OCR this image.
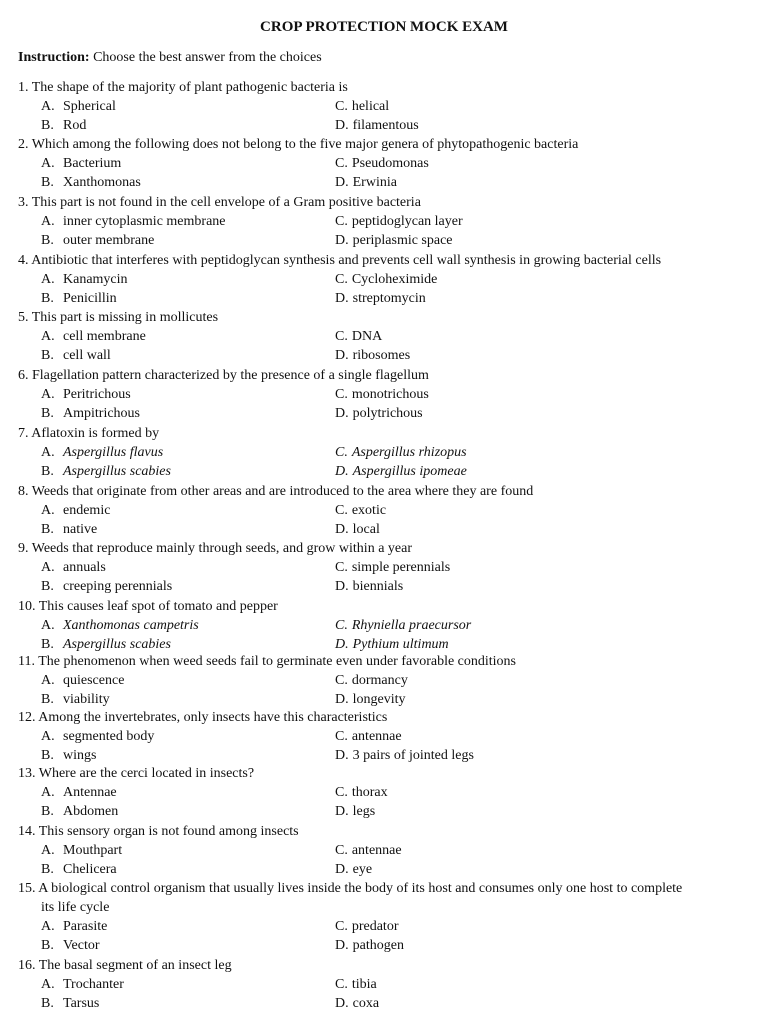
CROP PROTECTION MOCK EXAM
Instruction: Choose the best answer from the choices
1. The shape of the majority of plant pathogenic bacteria is
A. Spherical	C. helical
B. Rod	D. filamentous
2. Which among the following does not belong to the five major genera of phytopathogenic bacteria
A. Bacterium	C. Pseudomonas
B. Xanthomonas	D. Erwinia
3. This part is not found in the cell envelope of a Gram positive bacteria
A. inner cytoplasmic membrane	C. peptidoglycan layer
B. outer membrane	D. periplasmic space
4. Antibiotic that interferes with peptidoglycan synthesis and prevents cell wall synthesis in growing bacterial cells
A. Kanamycin	C. Cycloheximide
B. Penicillin	D. streptomycin
5. This part is missing in mollicutes
A. cell membrane	C. DNA
B. cell wall	D. ribosomes
6. Flagellation pattern characterized by the presence of a single flagellum
A. Peritrichous	C. monotrichous
B. Ampitrichous	D. polytrichous
7. Aflatoxin is formed by
A. Aspergillus flavus	C. Aspergillus rhizopus
B. Aspergillus scabies	D. Aspergillus ipomeae
8. Weeds that originate from other areas and are introduced to the area where they are found
A. endemic	C. exotic
B. native	D. local
9. Weeds that reproduce mainly through seeds, and grow within a year
A. annuals	C. simple perennials
B. creeping perennials	D. biennials
10. This causes leaf spot of tomato and pepper
A. Xanthomonas campetris	C. Rhyniella praecursor
B. Aspergillus scabies	D. Pythium ultimum
11. The phenomenon when weed seeds fail to germinate even under favorable conditions
A. quiescence	C. dormancy
B. viability	D. longevity
12. Among the invertebrates, only insects have this characteristics
A. segmented body	C. antennae
B. wings	D. 3 pairs of jointed legs
13. Where are the cerci located in insects?
A. Antennae	C. thorax
B. Abdomen	D. legs
14. This sensory organ is not found among insects
A. Mouthpart	C. antennae
B. Chelicera	D. eye
15. A biological control organism that usually lives inside the body of its host and consumes only one host to complete
its life cycle
A. Parasite	C. predator
B. Vector	D. pathogen
16. The basal segment of an insect leg
A. Trochanter	C. tibia
B. Tarsus	D. coxa
